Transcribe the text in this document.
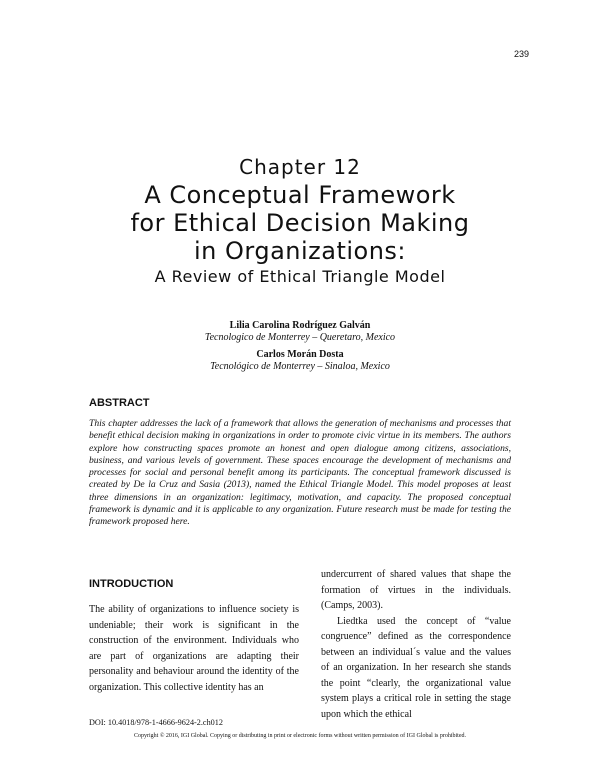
239
Chapter 12
A Conceptual Framework
for Ethical Decision Making
in Organizations:
A Review of Ethical Triangle Model
Lilia Carolina Rodríguez Galván
Tecnologico de Monterrey – Queretaro, Mexico
Carlos Morán Dosta
Tecnológico de Monterrey – Sinaloa, Mexico
ABSTRACT
This chapter addresses the lack of a framework that allows the generation of mechanisms and processes that benefit ethical decision making in organizations in order to promote civic virtue in its members. The authors explore how constructing spaces promote an honest and open dialogue among citizens, associations, business, and various levels of government. These spaces encourage the development of mechanisms and processes for social and personal benefit among its participants. The conceptual framework discussed is created by De la Cruz and Sasia (2013), named the Ethical Triangle Model. This model proposes at least three dimensions in an organization: legitimacy, motivation, and capacity. The proposed conceptual framework is dynamic and it is applicable to any organization. Future research must be made for testing the framework proposed here.
INTRODUCTION

The ability of organizations to influence society is undeniable; their work is significant in the construction of the environment. Individuals who are part of organizations are adapting their personality and behaviour around the identity of the organization. This collective identity has an

undercurrent of shared values that shape the formation of virtues in the individuals. (Camps, 2003).

Liedtka used the concept of “value congruence” defined as the correspondence between an individual´s value and the values of an organization. In her research she stands the point “clearly, the organizational value system plays a critical role in setting the stage upon which the ethical

DOI: 10.4018/978-1-4666-9624-2.ch012
Copyright © 2016, IGI Global. Copying or distributing in print or electronic forms without written permission of IGI Global is prohibited.
